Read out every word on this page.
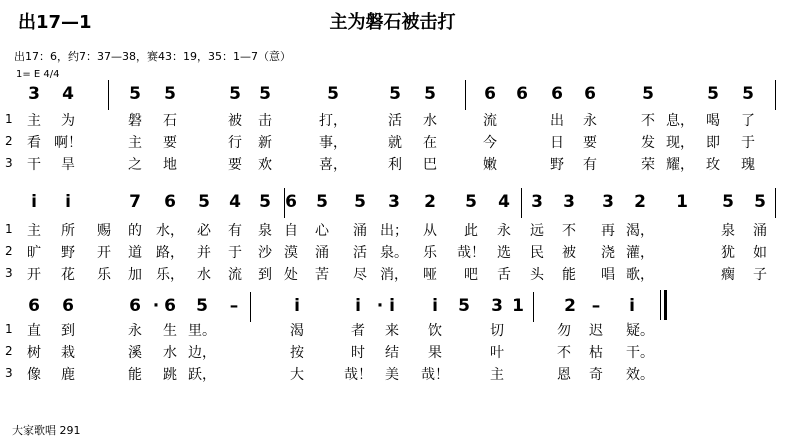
出17—1	主为磐石被击打
出17：6，约7：37—38，赛43：19，35：1—7（意）
1= E 4/4
3 4	5 5	5 5	5	5 5	6 6 6 6	5	5 5
1 主 为	磐 石	被 击	打，	活 水	流	出 永	不 息， 喝 了
2 看 啊！	主 要	行 新	事，	就 在	今	日 要	发 现， 即 于
3 干 旱	之 地	要 欢	喜，	利 巴	嫩	野 有	荣 耀， 玫 瑰
i i	7 6 5 4 5 6 5 5 3 2 5 4 3 3 3 2 1 5 5
1 主 所 赐 的 水， 必 有 泉 自 心 涌 出； 从 此 永 远 不 再 渴，	泉 涌
2 旷 野 开 道 路， 并 于 沙 漠 涌 活 泉。 乐 哉！ 选 民 被 浇 灌，	犹 如
3 开 花 乐 加 乐， 水 流 到 处 苦 尽 消， 哑 吧 舌 头 能 唱 歌，	瘸 子
6 6	6 · 6 5 –	i	i · i i 5 3 1 2 – i
1 直 到	永 生 里。	渴	者 来 饮	切	勿 迟 疑。
2 树 栽	溪 水 边，	按	时 结 果	叶	不 枯 干。
3 像 鹿	能 跳 跃，	大	哉！ 美 哉！	主	恩 奇 效。
大家歌唱 291
